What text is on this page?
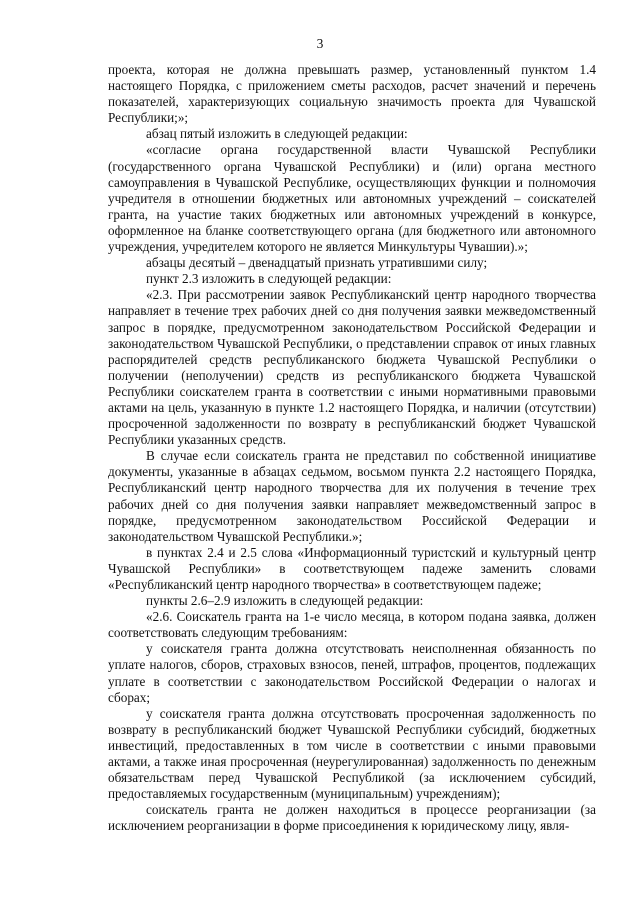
3

проекта, которая не должна превышать размер, установленный пунктом 1.4 настоящего Порядка, с приложением сметы расходов, расчет значений и перечень показателей, характеризующих социальную значимость проекта для Чувашской Республики;»;

абзац пятый изложить в следующей редакции:

«согласие органа государственной власти Чувашской Республики (государственного органа Чувашской Республики) и (или) органа местного самоуправления в Чувашской Республике, осуществляющих функции и полномочия учредителя в отношении бюджетных или автономных учреждений – соискателей гранта, на участие таких бюджетных или автономных учреждений в конкурсе, оформленное на бланке соответствующего органа (для бюджетного или автономного учреждения, учредителем которого не является Минкультуры Чувашии).»;

абзацы десятый – двенадцатый признать утратившими силу;

пункт 2.3 изложить в следующей редакции:

«2.3. При рассмотрении заявок Республиканский центр народного творчества направляет в течение трех рабочих дней со дня получения заявки межведомственный запрос в порядке, предусмотренном законодательством Российской Федерации и законодательством Чувашской Республики, о представлении справок от иных главных распорядителей средств республиканского бюджета Чувашской Республики о получении (неполучении) средств из республиканского бюджета Чувашской Республики соискателем гранта в соответствии с иными нормативными правовыми актами на цель, указанную в пункте 1.2 настоящего Порядка, и наличии (отсутствии) просроченной задолженности по возврату в республиканский бюджет Чувашской Республики указанных средств.

В случае если соискатель гранта не представил по собственной инициативе документы, указанные в абзацах седьмом, восьмом пункта 2.2 настоящего Порядка, Республиканский центр народного творчества для их получения в течение трех рабочих дней со дня получения заявки направляет межведомственный запрос в порядке, предусмотренном законодательством Российской Федерации и законодательством Чувашской Республики.»;

в пунктах 2.4 и 2.5 слова «Информационный туристский и культурный центр Чувашской Республики» в соответствующем падеже заменить словами «Республиканский центр народного творчества» в соответствующем падеже;

пункты 2.6–2.9 изложить в следующей редакции:

«2.6. Соискатель гранта на 1-е число месяца, в котором подана заявка, должен соответствовать следующим требованиям:

у соискателя гранта должна отсутствовать неисполненная обязанность по уплате налогов, сборов, страховых взносов, пеней, штрафов, процентов, подлежащих уплате в соответствии с законодательством Российской Федерации о налогах и сборах;

у соискателя гранта должна отсутствовать просроченная задолженность по возврату в республиканский бюджет Чувашской Республики субсидий, бюджетных инвестиций, предоставленных в том числе в соответствии с иными правовыми актами, а также иная просроченная (неурегулированная) задолженность по денежным обязательствам перед Чувашской Республикой (за исключением субсидий, предоставляемых государственным (муниципальным) учреждениям);

соискатель гранта не должен находиться в процессе реорганизации (за исключением реорганизации в форме присоединения к юридическому лицу, явля-
